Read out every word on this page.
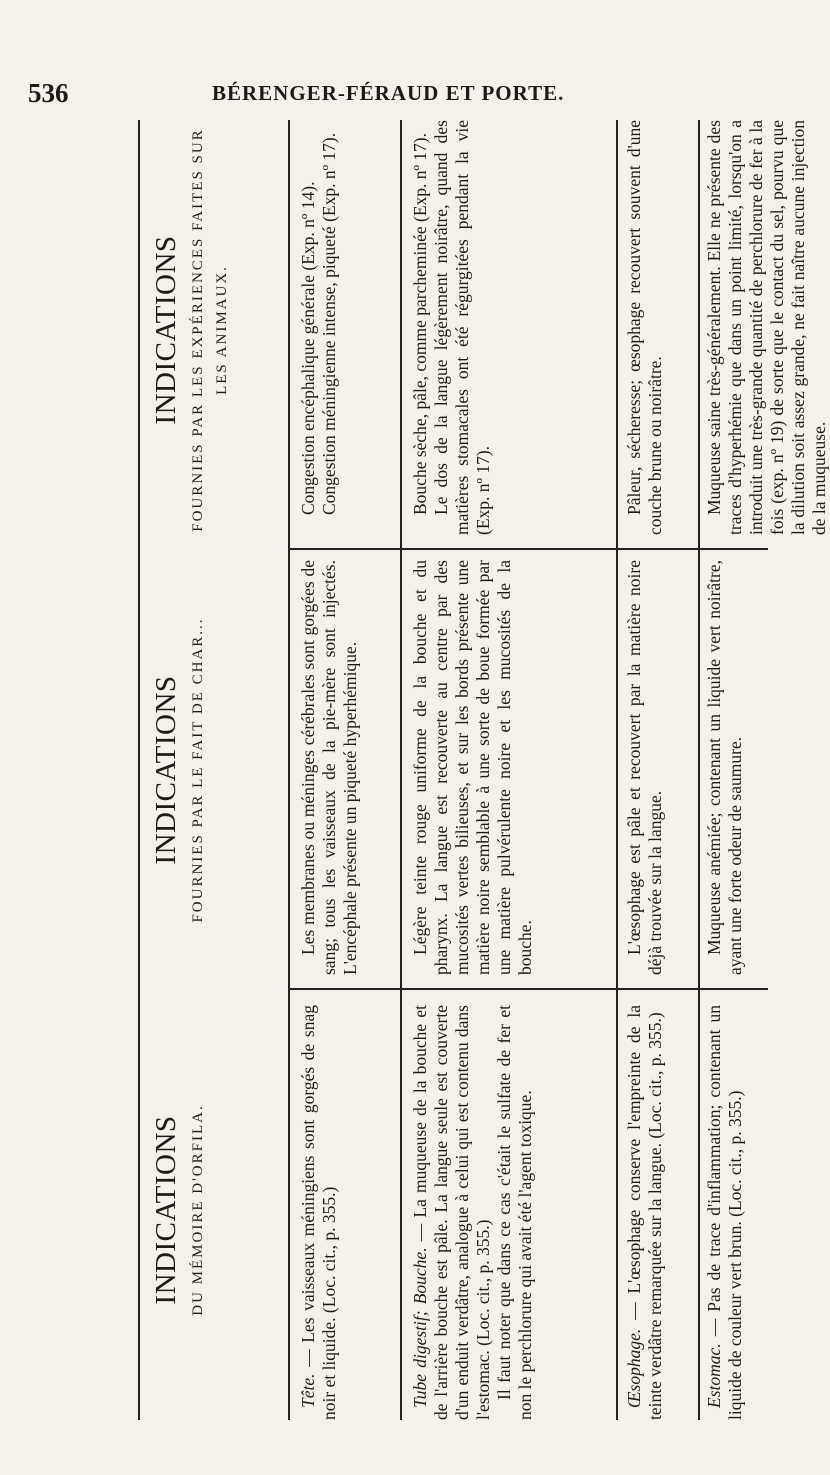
536	BÉRENGER-FÉRAUD ET PORTE.
INDICATIONS DU MÉMOIRE D'ORFILA.
INDICATIONS FOURNIES PAR LE FAIT DE CHAR...
INDICATIONS FOURNIES PAR LES EXPÉRIENCES FAITES SUR LES ANIMAUX.

Tête. — Les vaisseaux méningiens sont gorgés de snag noir et liquide. (Loc. cit., p. 355.)

Les membranes ou méninges cérébrales sont gorgées de sang; tous les vaisseaux de la pie-mère sont injectés. L'encéphale présente un piqueté hyperhémique.

Congestion encéphalique générale (Exp. nº 14). Congestion méningienne intense, piqueté (Exp. nº 17).

Tube digestif; Bouche. — La muqueuse de la bouche et de l'arrière bouche est pâle. La langue seule est couverte d'un enduit verdâtre, analogue à celui qui est contenu dans l'estomac. (Loc. cit., p. 355.) Il faut noter que dans ce cas c'était le sulfate de fer et non le perchlorure qui avait été l'agent toxique.

Légère teinte rouge uniforme de la bouche et du pharynx. La langue est recouverte au centre par des mucosités vertes bilieuses, et sur les bords présente une matière noire semblable à une sorte de boue formée par une matière pulvérulente noire et les mucosités de la bouche.

Bouche sèche, pâle, comme parcheminée (Exp. nº 17). Le dos de la langue légèrement noirâtre, quand des matières stomacales ont été régurgitées pendant la vie (Exp. nº 17).

Œsophage. — L'œsophage conserve l'empreinte de la teinte verdâtre remarquée sur la langue. (Loc. cit., p. 355.)

L'œsophage est pâle et recouvert par la matière noire déjà trouvée sur la langue.

Pâleur, sécheresse; œsophage recouvert souvent d'une couche brune ou noirâtre.

Estomac. — Pas de trace d'inflammation; contenant un liquide de couleur vert brun. (Loc. cit., p. 355.)

Muqueuse anémiée; contenant un liquide vert noirâtre, ayant une forte odeur de saumure.

Muqueuse saine très-généralement. Elle ne présente des traces d'hyperhémie que dans un point limité, lorsqu'on a introduit une très-grande quantité de perchlorure de fer à la fois (exp. nº 19) de sorte que le contact du sel, pourvu que la dilution soit assez grande, ne fait naître aucune injection de la muqueuse.
